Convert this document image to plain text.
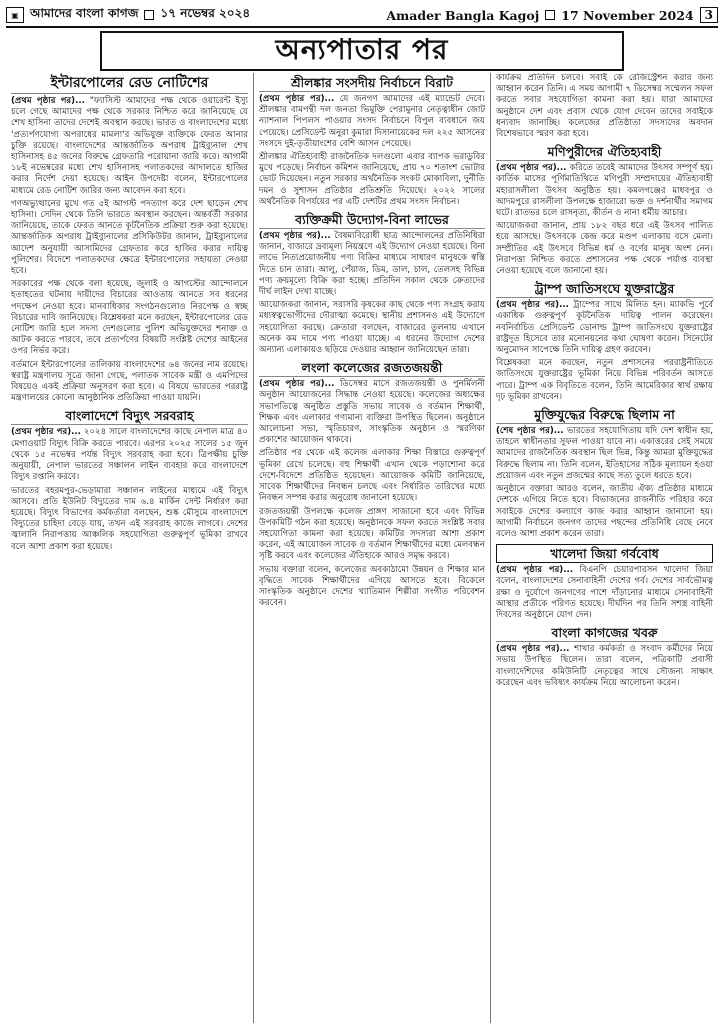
▣ আমাদের বাংলা কাগজ ১৭ নভেম্বর ২০২৪	Amader Bangla Kagoj 17 November 2024 3
অন্যপাতার পর
ইন্টারপোলের রেড নোটিশের

(প্রথম পৃষ্ঠার পর)... "ফ্যাসিস্ট আমাদের পক্ষ থেকে ওয়ারেন্ট ইস্যু চলে গেছে আমাদের পক্ষ থেকে সরকার নিশ্চিত করে জানিয়েছে যে শেখ হাসিনা তাদের দেশেই অবস্থান করছে। ভারত ও বাংলাদেশের মধ্যে 'প্রত্যর্পণযোগ্য অপরাধের মামলা'র অভিযুক্ত ব্যক্তিকে ফেরত আনার চুক্তি রয়েছে। বাংলাদেশের আন্তর্জাতিক অপরাধ ট্রাইব্যুনাল শেখ হাসিনাসহ ৪৫ জনের বিরুদ্ধে গ্রেফতারি পরোয়ানা জারি করে। আগামী ১৮ই নভেম্বরের মধ্যে শেখ হাসিনাসহ পলাতকদের আদালতে হাজির করার নির্দেশ দেয়া হয়েছে। আইন উপদেষ্টা বলেন, ইন্টারপোলের মাধ্যমে রেড নোটিশ জারির জন্য আবেদন করা হবে।

গণঅভ্যুত্থানের মুখে গত ৫ই আগস্ট পদত্যাগ করে দেশ ছাড়েন শেখ হাসিনা। সেদিন থেকে তিনি ভারতে অবস্থান করছেন। অন্তর্বর্তী সরকার জানিয়েছে, তাকে ফেরত আনতে কূটনৈতিক প্রক্রিয়া শুরু করা হয়েছে। আন্তর্জাতিক অপরাধ ট্রাইব্যুনালের প্রসিকিউটর জানান, ট্রাইব্যুনালের আদেশ অনুযায়ী আসামিদের গ্রেফতার করে হাজির করার দায়িত্ব পুলিশের। বিদেশে পলাতকদের ক্ষেত্রে ইন্টারপোলের সহায়তা নেওয়া হবে।

সরকারের পক্ষ থেকে বলা হয়েছে, জুলাই ও আগস্টের আন্দোলনে হতাহতের ঘটনায় দায়ীদের বিচারের আওতায় আনতে সব ধরনের পদক্ষেপ নেওয়া হবে। মানবাধিকার সংগঠনগুলোও নিরপেক্ষ ও স্বচ্ছ বিচারের দাবি জানিয়েছে। বিশ্লেষকরা মনে করছেন, ইন্টারপোলের রেড নোটিশ জারি হলে সদস্য দেশগুলোর পুলিশ অভিযুক্তদের শনাক্ত ও আটক করতে পারবে, তবে প্রত্যর্পণের বিষয়টি সংশ্লিষ্ট দেশের আইনের ওপর নির্ভর করে।

বর্তমানে ইন্টারপোলের তালিকায় বাংলাদেশের ৬৪ জনের নাম রয়েছে। স্বরাষ্ট্র মন্ত্রণালয় সূত্রে জানা গেছে, পলাতক সাবেক মন্ত্রী ও এমপিদের বিষয়েও একই প্রক্রিয়া অনুসরণ করা হবে। এ বিষয়ে ভারতের পররাষ্ট্র মন্ত্রণালয়ের কোনো আনুষ্ঠানিক প্রতিক্রিয়া পাওয়া যায়নি।

বাংলাদেশে বিদ্যুৎ সরবরাহ

(প্রথম পৃষ্ঠার পর)... ২০২৪ সালে বাংলাদেশের কাছে নেপাল মাত্র ৪০ মেগাওয়াট বিদ্যুৎ বিক্রি করতে পারবে। এরপর ২০২৫ সালের ১৫ জুন থেকে ১৫ নভেম্বর পর্যন্ত বিদ্যুৎ সরবরাহ করা হবে। ত্রিপক্ষীয় চুক্তি অনুযায়ী, নেপাল ভারতের সঞ্চালন লাইন ব্যবহার করে বাংলাদেশে বিদ্যুৎ রপ্তানি করবে।

ভারতের বহরমপুর-ভেড়ামারা সঞ্চালন লাইনের মাধ্যমে এই বিদ্যুৎ আসবে। প্রতি ইউনিট বিদ্যুতের দাম ৬.৪ মার্কিন সেন্ট নির্ধারণ করা হয়েছে। বিদ্যুৎ বিভাগের কর্মকর্তারা বলছেন, শুষ্ক মৌসুমে বাংলাদেশে বিদ্যুতের চাহিদা বেড়ে যায়, তখন এই সরবরাহ কাজে লাগবে। দেশের জ্বালানি নিরাপত্তায় আঞ্চলিক সহযোগিতা গুরুত্বপূর্ণ ভূমিকা রাখবে বলে আশা প্রকাশ করা হয়েছে।

শ্রীলঙ্কার সংসদীয় নির্বাচনে বিরাট

(প্রথম পৃষ্ঠার পর)... যে জনগণ আমাদের এই ম্যান্ডেট দেবে। শ্রীলঙ্কার বামপন্থী দল জনতা ভিমুক্তি পেরামুনার নেতৃত্বাধীন জোট ন্যাশনাল পিপলস পাওয়ার সংসদ নির্বাচনে বিপুল ব্যবধানে জয় পেয়েছে। প্রেসিডেন্ট অনুরা কুমারা দিসানায়েকের দল ২২৫ আসনের সংসদে দুই-তৃতীয়াংশের বেশি আসন পেয়েছে।

শ্রীলঙ্কার ঐতিহ্যবাহী রাজনৈতিক দলগুলো এবার ব্যাপক ভরাডুবির মুখে পড়েছে। নির্বাচন কমিশন জানিয়েছে, প্রায় ৭০ শতাংশ ভোটার ভোট দিয়েছেন। নতুন সরকার অর্থনৈতিক সংকট মোকাবিলা, দুর্নীতি দমন ও সুশাসন প্রতিষ্ঠার প্রতিশ্রুতি দিয়েছে। ২০২২ সালের অর্থনৈতিক বিপর্যয়ের পর এটি দেশটির প্রথম সংসদ নির্বাচন।

ব্যক্তিক্রমী উদ্যোগ-বিনা লাভের

(প্রথম পৃষ্ঠার পর)... বৈষম্যবিরোধী ছাত্র আন্দোলনের প্রতিনিধিরা জানান, বাজারে দ্রব্যমূল্য নিয়ন্ত্রণে এই উদ্যোগ নেওয়া হয়েছে। বিনা লাভে নিত্যপ্রয়োজনীয় পণ্য বিক্রির মাধ্যমে সাধারণ মানুষকে স্বস্তি দিতে চান তারা। আলু, পেঁয়াজ, ডিম, ডাল, চাল, তেলসহ বিভিন্ন পণ্য ক্রয়মূল্যে বিক্রি করা হচ্ছে। প্রতিদিন সকাল থেকে ক্রেতাদের দীর্ঘ লাইন দেখা যাচ্ছে।

আয়োজকরা জানান, সরাসরি কৃষকের কাছ থেকে পণ্য সংগ্রহ করায় মধ্যস্বত্বভোগীদের দৌরাত্ম্য কমেছে। স্থানীয় প্রশাসনও এই উদ্যোগে সহযোগিতা করছে। ক্রেতারা বলছেন, বাজারের তুলনায় এখানে অনেক কম দামে পণ্য পাওয়া যাচ্ছে। এ ধরনের উদ্যোগ দেশের অন্যান্য এলাকায়ও ছড়িয়ে দেওয়ার আহ্বান জানিয়েছেন তারা।

লংলা কলেজের রজতজয়ন্তী

(প্রথম পৃষ্ঠার পর)... ডিসেম্বর মাসে রজতজয়ন্তী ও পুনর্মিলনী অনুষ্ঠান আয়োজনের সিদ্ধান্ত নেওয়া হয়েছে। কলেজের অধ্যক্ষের সভাপতিত্বে অনুষ্ঠিত প্রস্তুতি সভায় সাবেক ও বর্তমান শিক্ষার্থী, শিক্ষক এবং এলাকার গণ্যমান্য ব্যক্তিরা উপস্থিত ছিলেন। অনুষ্ঠানে আলোচনা সভা, স্মৃতিচারণ, সাংস্কৃতিক অনুষ্ঠান ও স্মরণিকা প্রকাশের আয়োজন থাকবে।

প্রতিষ্ঠার পর থেকে এই কলেজ এলাকার শিক্ষা বিস্তারে গুরুত্বপূর্ণ ভূমিকা রেখে চলেছে। বহু শিক্ষার্থী এখান থেকে পড়াশোনা করে দেশে-বিদেশে প্রতিষ্ঠিত হয়েছেন। আয়োজক কমিটি জানিয়েছে, সাবেক শিক্ষার্থীদের নিবন্ধন চলছে এবং নির্ধারিত তারিখের মধ্যে নিবন্ধন সম্পন্ন করার অনুরোধ জানানো হয়েছে।

রজতজয়ন্তী উপলক্ষে কলেজ প্রাঙ্গণ সাজানো হবে এবং বিভিন্ন উপকমিটি গঠন করা হয়েছে। অনুষ্ঠানকে সফল করতে সংশ্লিষ্ট সবার সহযোগিতা কামনা করা হয়েছে। কমিটির সদস্যরা আশা প্রকাশ করেন, এই আয়োজন সাবেক ও বর্তমান শিক্ষার্থীদের মধ্যে মেলবন্ধন সৃষ্টি করবে এবং কলেজের ঐতিহ্যকে আরও সমৃদ্ধ করবে।

সভায় বক্তারা বলেন, কলেজের অবকাঠামো উন্নয়ন ও শিক্ষার মান বৃদ্ধিতে সাবেক শিক্ষার্থীদের এগিয়ে আসতে হবে। বিকেলে সাংস্কৃতিক অনুষ্ঠানে দেশের খ্যাতিমান শিল্পীরা সংগীত পরিবেশন করবেন।

কার্যক্রম প্রতিদিন চলবে। সবাই কে রেজিস্ট্রেশন করার জন্য আহ্বান করেন তিনি। এ সময় আগামী ৭ ডিসেম্বর সম্মেলন সফল করতে সবার সহযোগিতা কামনা করা হয়। যারা আমাদের অনুষ্ঠানে দেশ এবং প্রবাস থেকে যোগ দেবেন তাদের সবাইকে ধন্যবাদ জানাচ্ছি। কলেজের প্রতিষ্ঠাতা সদস্যদের অবদান বিশেষভাবে স্মরণ করা হবে।

মণিপুরীদের ঐতিহ্যবাহী

(প্রথম পৃষ্ঠার পর)... করিতে তবেই আমাদের উৎসব সম্পূর্ণ হয়। কার্তিক মাসের পূর্ণিমাতিথিতে মণিপুরী সম্প্রদায়ের ঐতিহ্যবাহী মহারাসলীলা উৎসব অনুষ্ঠিত হয়। কমলগঞ্জের মাধবপুর ও আদমপুরে রাসলীলা উপলক্ষে হাজারো ভক্ত ও দর্শনার্থীর সমাগম ঘটে। রাতভর চলে রাসনৃত্য, কীর্তন ও নানা ধর্মীয় আচার।

আয়োজকরা জানান, প্রায় ১৮২ বছর ধরে এই উৎসব পালিত হয়ে আসছে। উৎসবকে কেন্দ্র করে মণ্ডপ এলাকায় বসে মেলা। সম্প্রীতির এই উৎসবে বিভিন্ন ধর্ম ও বর্ণের মানুষ অংশ নেন। নিরাপত্তা নিশ্চিত করতে প্রশাসনের পক্ষ থেকে পর্যাপ্ত ব্যবস্থা নেওয়া হয়েছে বলে জানানো হয়।

ট্রাম্প জাতিসংঘে যুক্তরাষ্ট্রের

(প্রথম পৃষ্ঠার পর)... ট্রাম্পের সাথে মিলিত হন। ম্যাকভি পূর্বে একাধিক গুরুত্বপূর্ণ কূটনৈতিক দায়িত্ব পালন করেছেন। নবনির্বাচিত প্রেসিডেন্ট ডোনাল্ড ট্রাম্প জাতিসংঘে যুক্তরাষ্ট্রের রাষ্ট্রদূত হিসেবে তার মনোনয়নের কথা ঘোষণা করেন। সিনেটের অনুমোদন সাপেক্ষে তিনি দায়িত্ব গ্রহণ করবেন।

বিশ্লেষকরা মনে করছেন, নতুন প্রশাসনের পররাষ্ট্রনীতিতে জাতিসংঘে যুক্তরাষ্ট্রের ভূমিকা নিয়ে বিভিন্ন পরিবর্তন আসতে পারে। ট্রাম্প এক বিবৃতিতে বলেন, তিনি আমেরিকার স্বার্থ রক্ষায় দৃঢ় ভূমিকা রাখবেন।

মুক্তিযুদ্ধের বিরুদ্ধে ছিলাম না

(শেষ পৃষ্ঠার পর)... ভারতের সহযোগিতায় যদি দেশ স্বাধীন হয়, তাহলে স্বাধীনতার সুফল পাওয়া যাবে না। একাত্তরের সেই সময়ে আমাদের রাজনৈতিক অবস্থান ছিল ভিন্ন, কিন্তু আমরা মুক্তিযুদ্ধের বিরুদ্ধে ছিলাম না। তিনি বলেন, ইতিহাসের সঠিক মূল্যায়ন হওয়া প্রয়োজন এবং নতুন প্রজন্মের কাছে সত্য তুলে ধরতে হবে।

অনুষ্ঠানে বক্তারা আরও বলেন, জাতীয় ঐক্য প্রতিষ্ঠার মাধ্যমে দেশকে এগিয়ে নিতে হবে। বিভাজনের রাজনীতি পরিহার করে সবাইকে দেশের কল্যাণে কাজ করার আহ্বান জানানো হয়। আগামী নির্বাচনে জনগণ তাদের পছন্দের প্রতিনিধি বেছে নেবে বলেও আশা প্রকাশ করেন তারা।

খালেদা জিয়া গর্ববোধ

(প্রথম পৃষ্ঠার পর)... বিএনপি চেয়ারপারসন খালেদা জিয়া বলেন, বাংলাদেশের সেনাবাহিনী দেশের গর্ব। দেশের সার্বভৌমত্ব রক্ষা ও দুর্যোগে জনগণের পাশে দাঁড়ানোর মাধ্যমে সেনাবাহিনী আস্থার প্রতীকে পরিণত হয়েছে। দীর্ঘদিন পর তিনি সশস্ত্র বাহিনী দিবসের অনুষ্ঠানে যোগ দেন।

বাংলা কাগজের খবরু

(প্রথম পৃষ্ঠার পর)... শাখার কর্মকর্তা ও সংবাদ কর্মীদের নিয়ে সভায় উপস্থিত ছিলেন। তারা বলেন, পত্রিকাটি প্রবাসী বাংলাদেশিদের কমিউনিটি নেতৃত্বের সাথে সৌজন্য সাক্ষাৎ করেছেন এবং ভবিষ্যৎ কার্যক্রম নিয়ে আলোচনা করেন।
